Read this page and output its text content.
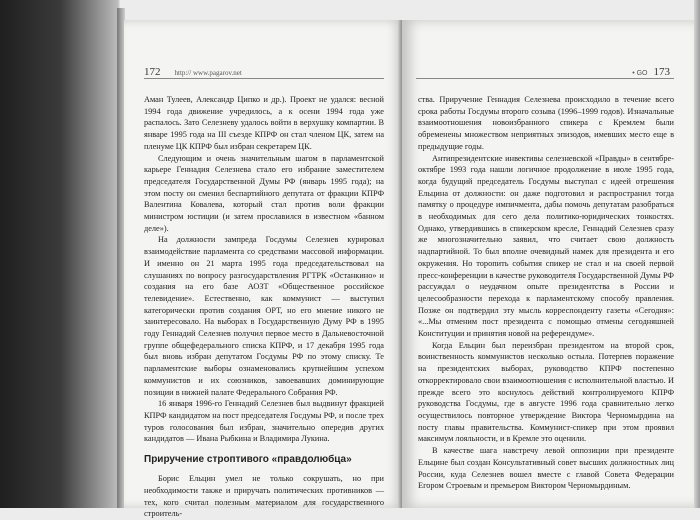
172 http:// www.pagarov.net

Аман Тулеев, Александр Ципко и др.). Проект не удался: весной 1994 года движение учредилось, а к осени 1994 года уже распалось. Зато Селезневу удалось войти в верхушку компартии. В январе 1995 года на III съезде КПРФ он стал членом ЦК, затем на пленуме ЦК КПРФ был избран секретарем ЦК.

Следующим и очень значительным шагом в парламентской карьере Геннадия Селезнева стало его избрание заместителем председателя Государственной Думы РФ (январь 1995 года); на этом посту он сменил беспартийного депутата от фракции КПРФ Валентина Ковалева, который стал против воли фракции министром юстиции (и затем прославился в известном «банном деле»).

На должности зампреда Госдумы Селезнев курировал взаимодействие парламента со средствами массовой информации. И именно он 21 марта 1995 года председательствовал на слушаниях по вопросу разгосударствления РГТРК «Останкино» и создания на его базе АОЗТ «Общественное российское телевидение». Естественно, как коммунист — выступил категорически против создания ОРТ, но его мнение никого не заинтересовало. На выборах в Государственную Думу РФ в 1995 году Геннадий Селезнев получил первое место в Дальневосточной группе общефедерального списка КПРФ, и 17 декабря 1995 года был вновь избран депутатом Госдумы РФ по этому списку. Те парламентские выборы ознаменовались крупнейшим успехом коммунистов и их союзников, завоевавших доминирующие позиции в нижней палате Федерального Собрания РФ.

16 января 1996-го Геннадий Селезнев был выдвинут фракцией КПРФ кандидатом на пост председателя Госдумы РФ, и после трех туров голосования был избран, значительно опередив других кандидатов — Ивана Рыбкина и Владимира Лукина.

Приручение строптивого «правдолюбца»

Борис Ельцин умел не только сокрушать, но при необходимости также и приручать политических противников — тех, кого считал полезным материалом для государственного строитель-

• GO 173

ства. Приручение Геннадия Селезнева происходило в течение всего срока работы Госдумы второго созыва (1996–1999 годов). Изначальные взаимоотношения новоизбранного спикера с Кремлем были обременены множеством неприятных эпизодов, имевших место еще в предыдущие годы.

Антипрезидентские инвективы селезневской «Правды» в сентябре-октябре 1993 года нашли логичное продолжение в июле 1995 года, когда будущий председатель Госдумы выступал с идеей отрешения Ельцина от должности: он даже подготовил и распространил тогда памятку о процедуре импичмента, дабы помочь депутатам разобраться в необходимых для сего дела политико-юридических тонкостях. Однако, утвердившись в спикерском кресле, Геннадий Селезнев сразу же многозначительно заявил, что считает свою должность надпартийной. То был вполне очевидный намек для президента и его окружения. Но торопить события спикер не стал и на своей первой пресс-конференции в качестве руководителя Государственной Думы РФ рассуждал о неудачном опыте президентства в России и целесообразности перехода к парламентскому способу правления. Позже он подтвердил эту мысль корреспонденту газеты «Сегодня»: «...Мы отменим пост президента с помощью отмены сегодняшней Конституции и принятия новой на референдуме».

Когда Ельцин был переизбран президентом на второй срок, воинственность коммунистов несколько остыла. Потерпев поражение на президентских выборах, руководство КПРФ постепенно откорректировало свои взаимоотношения с исполнительной властью. И прежде всего это коснулось действий контролируемого КПРФ руководства Госдумы, где в августе 1996 года сравнительно легко осуществилось повторное утверждение Виктора Черномырдина на посту главы правительства. Коммунист-спикер при этом проявил максимум лояльности, и в Кремле это оценили.

В качестве шага навстречу левой оппозиции при президенте Ельцине был создан Консультативный совет высших должностных лиц России, куда Селезнев вошел вместе с главой Совета Федерации Егором Строевым и премьером Виктором Черномырдиным.
